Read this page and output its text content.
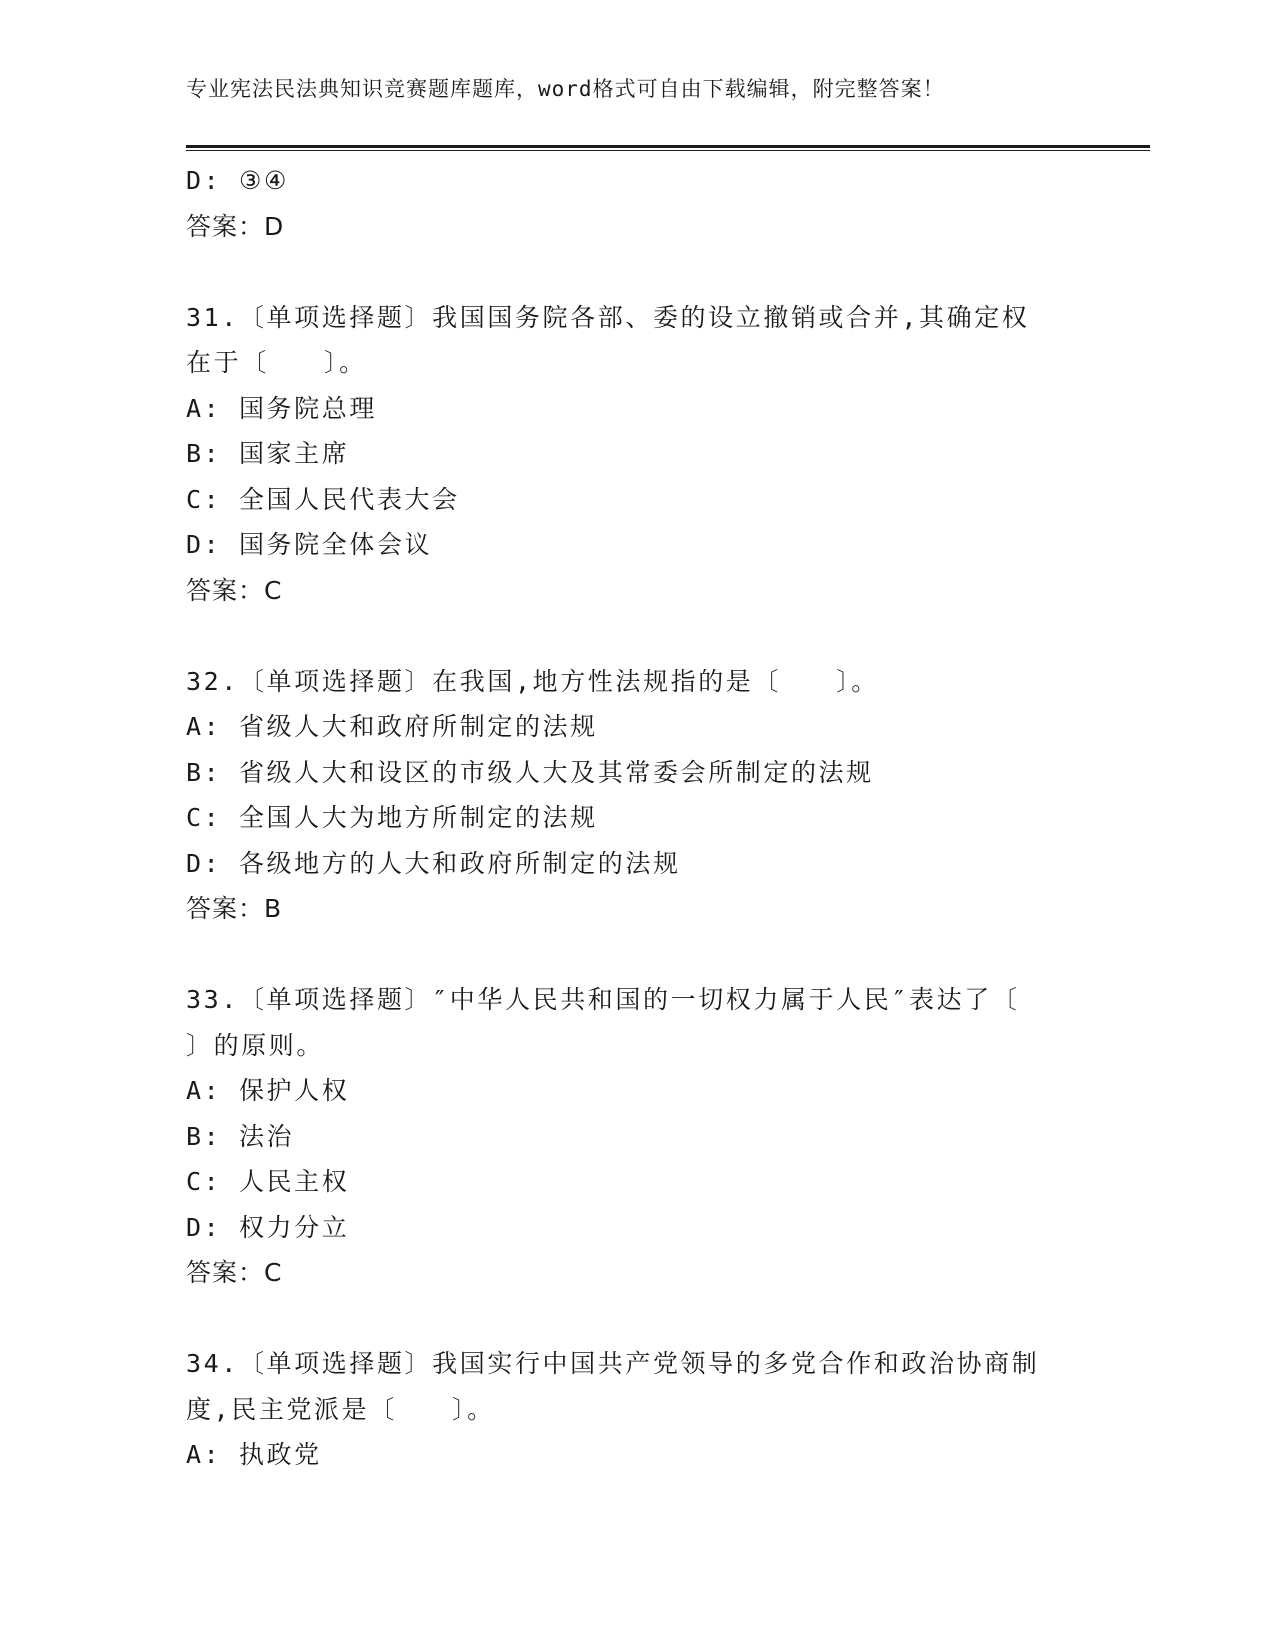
专业宪法民法典知识竞赛题库题库，word格式可自由下载编辑，附完整答案！
D: ③④
答案：D
31.〔单项选择题〕我国国务院各部、委的设立撤销或合并,其确定权
在于〔　　〕。
A: 国务院总理
B: 国家主席
C: 全国人民代表大会
D: 国务院全体会议
答案：C
32.〔单项选择题〕在我国,地方性法规指的是〔　　〕。
A: 省级人大和政府所制定的法规
B: 省级人大和设区的市级人大及其常委会所制定的法规
C: 全国人大为地方所制定的法规
D: 各级地方的人大和政府所制定的法规
答案：B
33.〔单项选择题〕″中华人民共和国的一切权力属于人民″表达了〔
〕的原则。
A: 保护人权
B: 法治
C: 人民主权
D: 权力分立
答案：C
34.〔单项选择题〕我国实行中国共产党领导的多党合作和政治协商制
度,民主党派是〔　　〕。
A: 执政党
